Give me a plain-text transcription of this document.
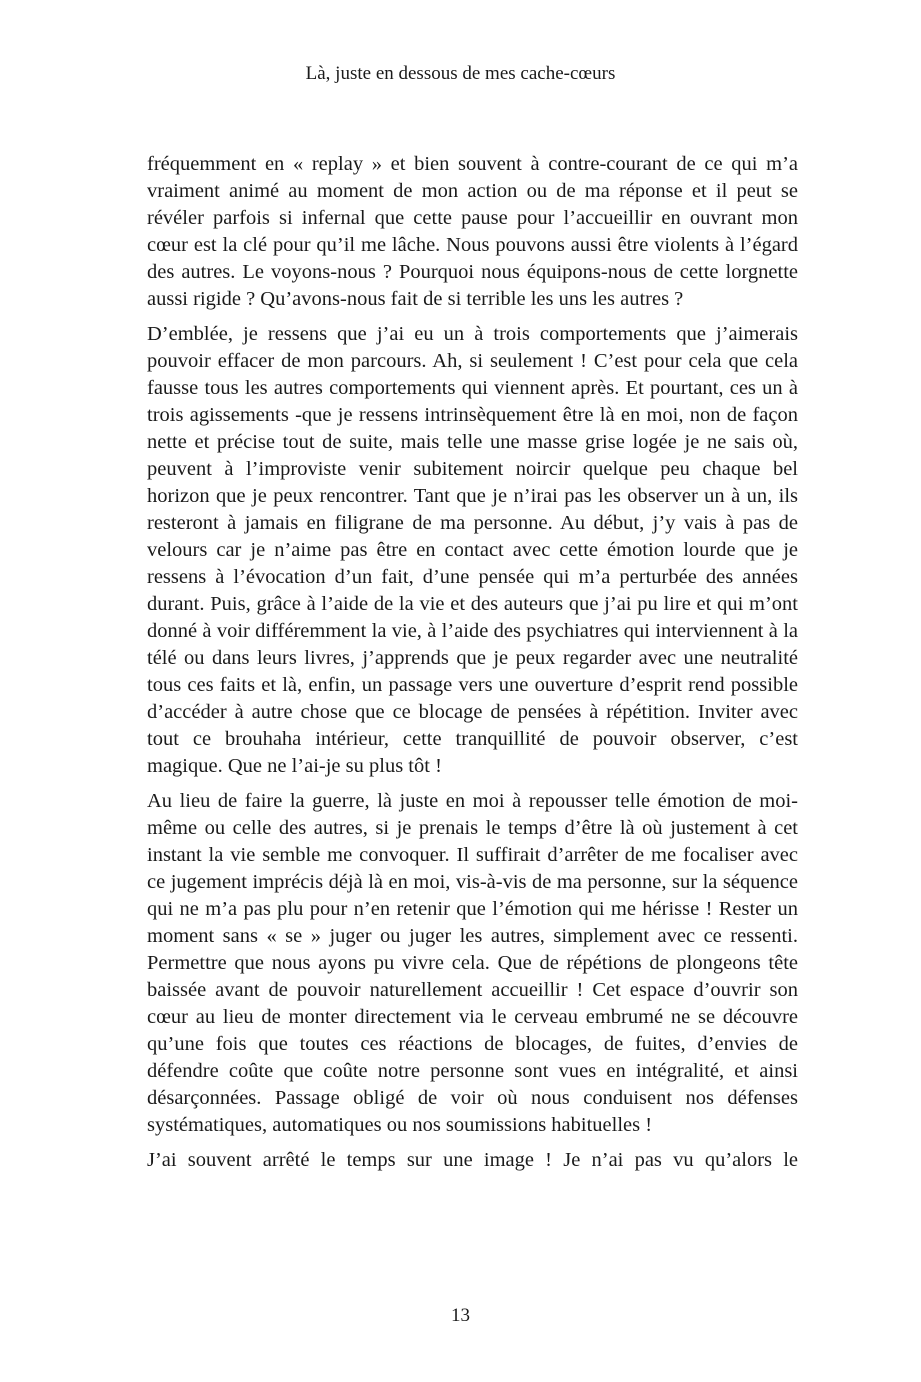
Là, juste en dessous de mes cache-cœurs

fréquemment en « replay » et bien souvent à contre-courant de ce qui m’a vraiment animé au moment de mon action ou de ma réponse et il peut se révéler parfois si infernal que cette pause pour l’accueillir en ouvrant mon cœur est la clé pour qu’il me lâche. Nous pouvons aussi être violents à l’égard des autres. Le voyons-nous ? Pourquoi nous équipons-nous de cette lorgnette aussi rigide ? Qu’avons-nous fait de si terrible les uns les autres ?

D’emblée, je ressens que j’ai eu un à trois comportements que j’aimerais pouvoir effacer de mon parcours. Ah, si seulement ! C’est pour cela que cela fausse tous les autres comportements qui viennent après. Et pourtant, ces un à trois agissements -que je ressens intrinsèquement être là en moi, non de façon nette et précise tout de suite, mais telle une masse grise logée je ne sais où, peuvent à l’improviste venir subitement noircir quelque peu chaque bel horizon que je peux rencontrer. Tant que je n’irai pas les observer un à un, ils resteront à jamais en filigrane de ma personne. Au début, j’y vais à pas de velours car je n’aime pas être en contact avec cette émotion lourde que je ressens à l’évocation d’un fait, d’une pensée qui m’a perturbée des années durant. Puis, grâce à l’aide de la vie et des auteurs que j’ai pu lire et qui m’ont donné à voir différemment la vie, à l’aide des psychiatres qui interviennent à la télé ou dans leurs livres, j’apprends que je peux regarder avec une neutralité tous ces faits et là, enfin, un passage vers une ouverture d’esprit rend possible d’accéder à autre chose que ce blocage de pensées à répétition. Inviter avec tout ce brouhaha intérieur, cette tranquillité de pouvoir observer, c’est magique. Que ne l’ai-je su plus tôt !

Au lieu de faire la guerre, là juste en moi à repousser telle émotion de moi-même ou celle des autres, si je prenais le temps d’être là où justement à cet instant la vie semble me convoquer. Il suffirait d’arrêter de me focaliser avec ce jugement imprécis déjà là en moi, vis-à-vis de ma personne, sur la séquence qui ne m’a pas plu pour n’en retenir que l’émotion qui me hérisse ! Rester un moment sans « se » juger ou juger les autres, simplement avec ce ressenti. Permettre que nous ayons pu vivre cela. Que de répétions de plongeons tête baissée avant de pouvoir naturellement accueillir ! Cet espace d’ouvrir son cœur au lieu de monter directement via le cerveau embrumé ne se découvre qu’une fois que toutes ces réactions de blocages, de fuites, d’envies de défendre coûte que coûte notre personne sont vues en intégralité, et ainsi désarçonnées. Passage obligé de voir où nous conduisent nos défenses systématiques, automatiques ou nos soumissions habituelles !

J’ai souvent arrêté le temps sur une image ! Je n’ai pas vu qu’alors le

13
